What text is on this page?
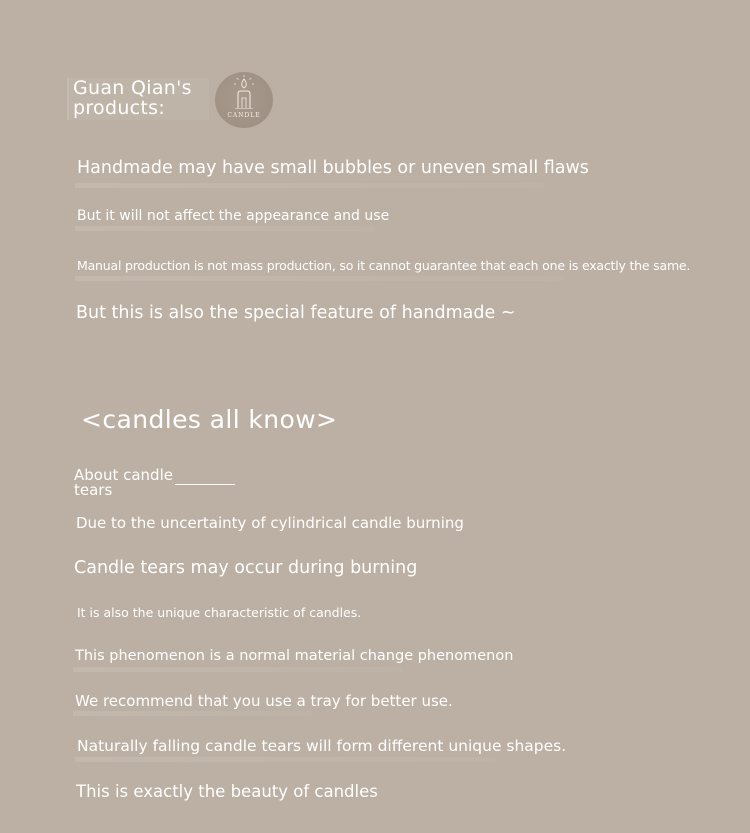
Guan Qian's products:	CANDLE
Handmade may have small bubbles or uneven small flaws
But it will not affect the appearance and use
Manual production is not mass production, so it cannot guarantee that each one is exactly the same.
But this is also the special feature of handmade ~
<candles all know>
About candle tears
Due to the uncertainty of cylindrical candle burning
Candle tears may occur during burning
It is also the unique characteristic of candles.
This phenomenon is a normal material change phenomenon
We recommend that you use a tray for better use.
Naturally falling candle tears will form different unique shapes.
This is exactly the beauty of candles
